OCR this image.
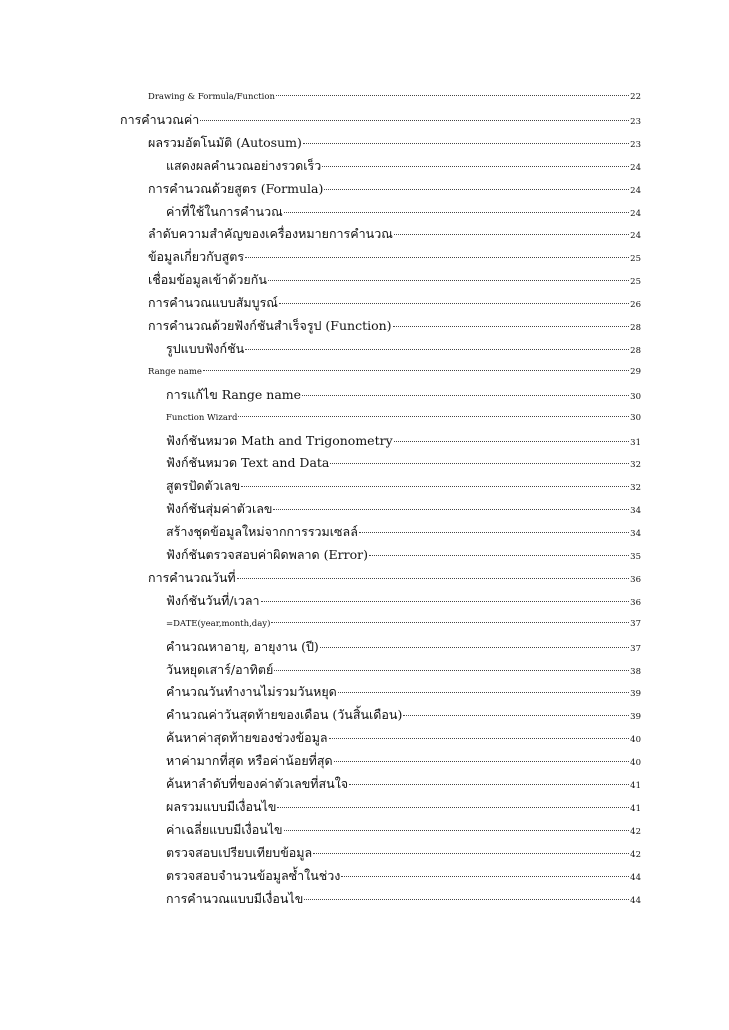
Drawing & Formula/Function	22
การคำนวณค่า	23
ผลรวมอัตโนมัติ (Autosum)	23
แสดงผลคำนวณอย่างรวดเร็ว	24
การคำนวณด้วยสูตร (Formula)	24
ค่าที่ใช้ในการคำนวณ	24
ลำดับความสำคัญของเครื่องหมายการคำนวณ	24
ข้อมูลเกี่ยวกับสูตร	25
เชื่อมข้อมูลเข้าด้วยกัน	25
การคำนวณแบบสัมบูรณ์	26
การคำนวณด้วยฟังก์ชันสำเร็จรูป (Function)	28
รูปแบบฟังก์ชัน	28
Range name	29
การแก้ไข Range name	30
Function Wizard	30
ฟังก์ชันหมวด Math and Trigonometry	31
ฟังก์ชันหมวด Text and Data	32
สูตรปัดตัวเลข	32
ฟังก์ชันสุ่มค่าตัวเลข	34
สร้างชุดข้อมูลใหม่จากการรวมเซลล์	34
ฟังก์ชันตรวจสอบค่าผิดพลาด (Error)	35
การคำนวณวันที่	36
ฟังก์ชันวันที่/เวลา	36
=DATE(year,month,day)	37
คำนวณหาอายุ, อายุงาน (ปี)	37
วันหยุดเสาร์/อาทิตย์	38
คำนวณวันทำงานไม่รวมวันหยุด	39
คำนวณค่าวันสุดท้ายของเดือน (วันสิ้นเดือน)	39
ค้นหาค่าสุดท้ายของช่วงข้อมูล	40
หาค่ามากที่สุด หรือค่าน้อยที่สุด	40
ค้นหาลำดับที่ของค่าตัวเลขที่สนใจ	41
ผลรวมแบบมีเงื่อนไข	41
ค่าเฉลี่ยแบบมีเงื่อนไข	42
ตรวจสอบเปรียบเทียบข้อมูล	42
ตรวจสอบจำนวนข้อมูลซ้ำในช่วง	44
การคำนวณแบบมีเงื่อนไข	44
